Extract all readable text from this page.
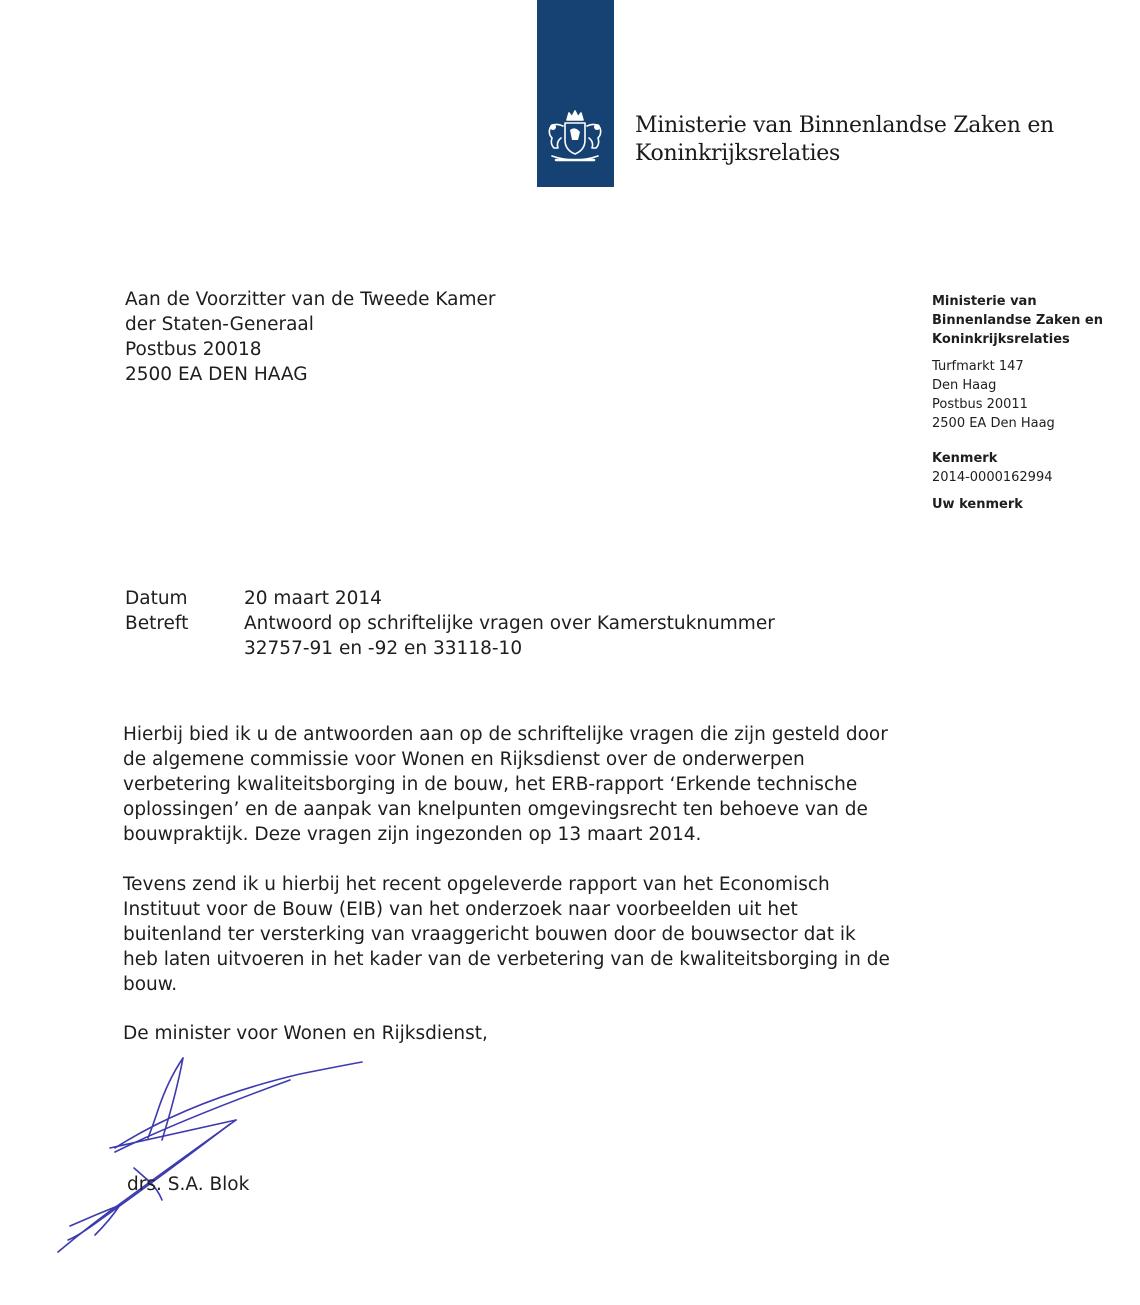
Ministerie van Binnenlandse Zaken en
Koninkrijksrelaties
Aan de Voorzitter van de Tweede Kamer
der Staten-Generaal
Postbus 20018
2500 EA DEN HAAG
Ministerie van
Binnenlandse Zaken en
Koninkrijksrelaties
Turfmarkt 147
Den Haag
Postbus 20011
2500 EA Den Haag
Kenmerk
2014-0000162994
Uw kenmerk
Datum	20 maart 2014
Betreft	Antwoord op schriftelijke vragen over Kamerstuknummer
32757-91 en -92 en 33118-10

Hierbij bied ik u de antwoorden aan op de schriftelijke vragen die zijn gesteld door
de algemene commissie voor Wonen en Rijksdienst over de onderwerpen
verbetering kwaliteitsborging in de bouw, het ERB-rapport ‘Erkende technische
oplossingen’ en de aanpak van knelpunten omgevingsrecht ten behoeve van de
bouwpraktijk. Deze vragen zijn ingezonden op 13 maart 2014.

Tevens zend ik u hierbij het recent opgeleverde rapport van het Economisch
Instituut voor de Bouw (EIB) van het onderzoek naar voorbeelden uit het
buitenland ter versterking van vraaggericht bouwen door de bouwsector dat ik
heb laten uitvoeren in het kader van de verbetering van de kwaliteitsborging in de
bouw.

De minister voor Wonen en Rijksdienst,
drs. S.A. Blok
